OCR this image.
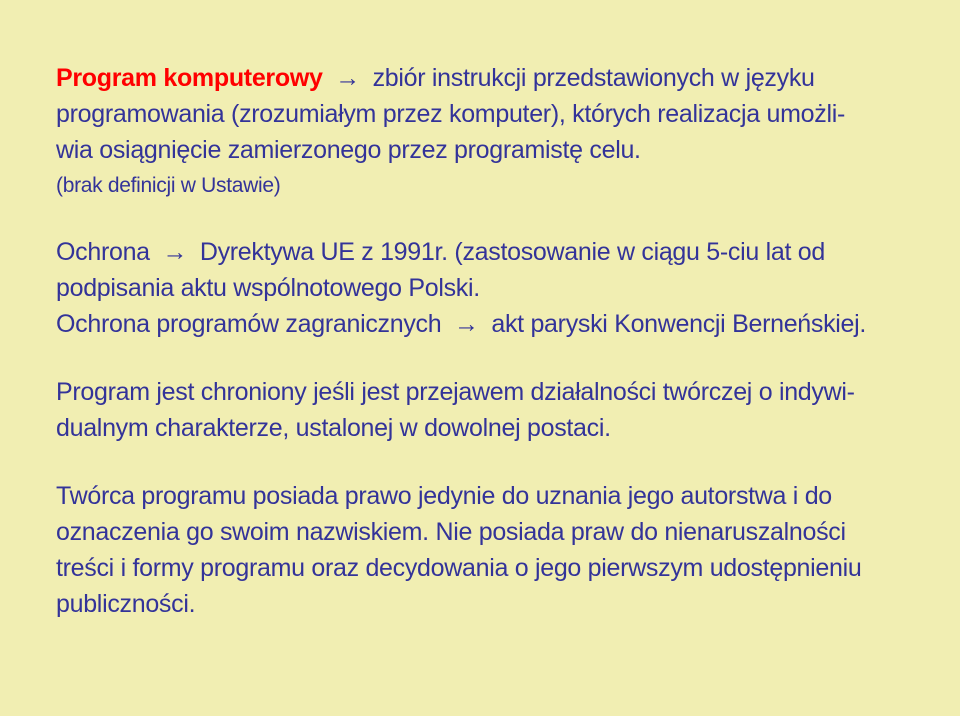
Program komputerowy → zbiór instrukcji przedstawionych w języku
programowania (zrozumiałym przez komputer), których realizacja umożli-
wia osiągnięcie zamierzonego przez programistę celu.
(brak definicji w Ustawie)
Ochrona → Dyrektywa UE z 1991r. (zastosowanie w ciągu 5-ciu lat od
podpisania aktu wspólnotowego Polski.
Ochrona programów zagranicznych → akt paryski Konwencji Berneńskiej.
Program jest chroniony jeśli jest przejawem działalności twórczej o indywi-
dualnym charakterze, ustalonej w dowolnej postaci.
Twórca programu posiada prawo jedynie do uznania jego autorstwa i do
oznaczenia go swoim nazwiskiem. Nie posiada praw do nienaruszalności
treści i formy programu oraz decydowania o jego pierwszym udostępnieniu
publiczności.
